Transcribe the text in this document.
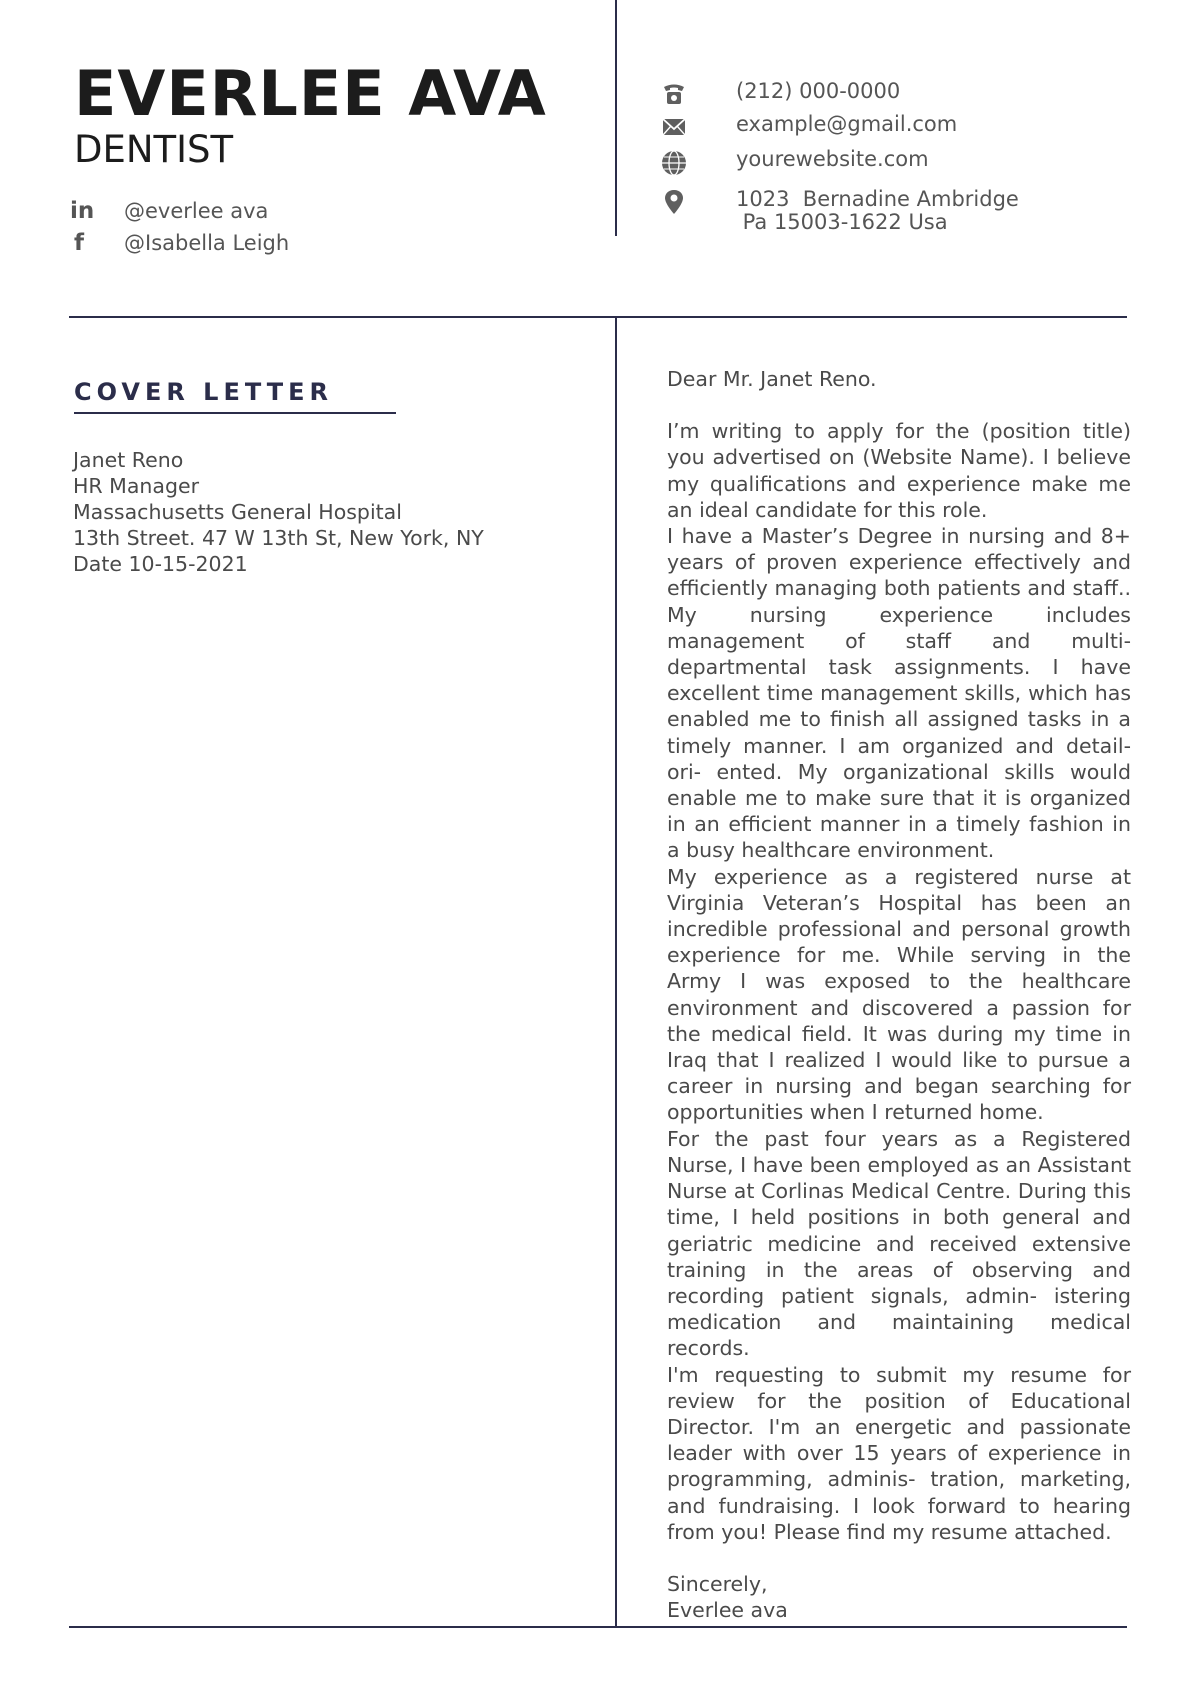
EVERLEE AVA
DENTIST
in @everlee ava
f	@Isabella Leigh
(212) 000-0000
example@gmail.com
yourewebsite.com
1023  Bernadine Ambridge
Pa 15003-1622 Usa
COVER LETTER
Janet Reno
HR Manager
Massachusetts General Hospital
13th Street. 47 W 13th St, New York, NY
Date 10-15-2021

Dear Mr. Janet Reno.

I’m writing to apply for the (position title) you advertised on (Website Name). I believe my qualifications and experience make me an ideal candidate for this role.

I have a Master’s Degree in nursing and 8+ years of proven experience effectively and efficiently managing both patients and staff.. My nursing experience includes management of staff and multi-departmental task assignments. I have excellent time management skills, which has enabled me to finish all assigned tasks in a timely manner. I am organized and detail-ori- ented. My organizational skills would enable me to make sure that it is organized in an efficient manner in a timely fashion in a busy healthcare environment.

My experience as a registered nurse at Virginia Veteran’s Hospital has been an incredible professional and personal growth experience for me. While serving in the Army I was exposed to the healthcare environment and discovered a passion for the medical field. It was during my time in Iraq that I realized I would like to pursue a career in nursing and began searching for opportunities when I returned home.

For the past four years as a Registered Nurse, I have been employed as an Assistant Nurse at Corlinas Medical Centre. During this time, I held positions in both general and geriatric medicine and received extensive training in the areas of observing and recording patient signals, admin- istering medication and maintaining medical records.

I'm requesting to submit my resume for review for the position of Educational Director. I'm an energetic and passionate leader with over 15 years of experience in programming, adminis- tration, marketing, and fundraising. I look forward to hearing from you! Please find my resume attached.

Sincerely,

Everlee ava
